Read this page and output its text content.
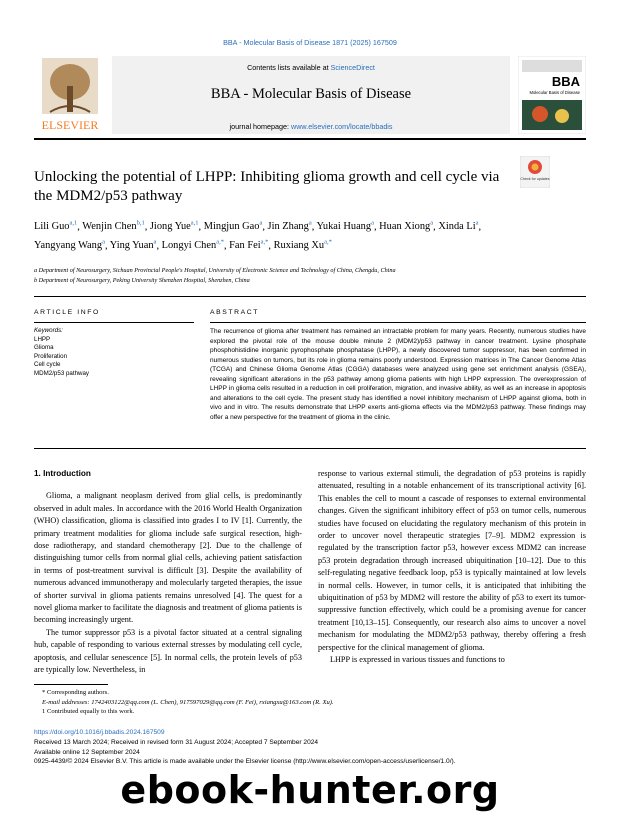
BBA - Molecular Basis of Disease 1871 (2025) 167509
ELSEVIER
Contents lists available at ScienceDirect
BBA - Molecular Basis of Disease
journal homepage: www.elsevier.com/locate/bbadis
BBA
Molecular Basis of Disease
Unlocking the potential of LHPP: Inhibiting glioma growth and cell cycle via the MDM2/p53 pathway
Check for updates
Lili Guo$^{a,1}$, Wenjin Chen$^{b,1}$, Jiong Yue$^{a,1}$, Mingjun Gao$^a$, Jin Zhang$^a$, Yukai Huang$^a$, Huan Xiong$^a$, Xinda Li$^a$, Yangyang Wang$^a$, Ying Yuan$^a$, Longyi Chen$^{a,*}$, Fan Fei$^{a,*}$, Ruxiang $Xu^{a,*}$
a Department of Neurosurgery, Sichuan Provincial People's Hospital, University of Electronic Science and Technology of China, Chengdu, China
b Department of Neurosurgery, Peking University Shenzhen Hospital, Shenzhen, China
ARTICLE INFO	ABSTRACT
Keywords:
LHPP
Glioma
Proliferation
Cell cycle
MDM2/p53 pathway
The recurrence of glioma after treatment has remained an intractable problem for many years. Recently, numerous studies have explored the pivotal role of the mouse double minute 2 (MDM2)/p53 pathway in cancer treatment. Lysine phosphate phosphohistidine inorganic pyrophosphate phosphatase (LHPP), a newly discovered tumor suppressor, has been confirmed in numerous studies on tumors, but its role in glioma remains poorly understood. Expression matrices in The Cancer Genome Atlas (TCGA) and Chinese Glioma Genome Atlas (CGGA) databases were analyzed using gene set enrichment analysis (GSEA), revealing significant alterations in the p53 pathway among glioma patients with high LHPP expression. The overexpression of LHPP in glioma cells resulted in a reduction in cell proliferation, migration, and invasive ability, as well as an increase in apoptosis and alterations to the cell cycle. The present study has identified a novel inhibitory mechanism of LHPP against glioma, both in vivo and in vitro. The results demonstrate that LHPP exerts anti-glioma effects via the MDM2/p53 pathway. These findings may offer a new perspective for the treatment of glioma in the clinic.
1. Introduction

Glioma, a malignant neoplasm derived from glial cells, is predominantly observed in adult males. In accordance with the 2016 World Health Organization (WHO) classification, glioma is classified into grades I to IV [1]. Currently, the primary treatment modalities for glioma include safe surgical resection, high-dose radiotherapy, and standard chemotherapy [2]. Due to the challenge of distinguishing tumor cells from normal glial cells, achieving patient satisfaction in terms of post-treatment survival is difficult [3]. Despite the availability of numerous advanced immunotherapy and molecularly targeted therapies, the issue of shorter survival in glioma patients remains unresolved [4]. The quest for a novel glioma marker to facilitate the diagnosis and treatment of glioma patients is becoming increasingly urgent.

The tumor suppressor p53 is a pivotal factor situated at a central signaling hub, capable of responding to various external stresses by modulating cell cycle, apoptosis, and cellular senescence [5]. In normal cells, the protein levels of p53 are typically low. Nevertheless, in

response to various external stimuli, the degradation of p53 proteins is rapidly attenuated, resulting in a notable enhancement of its transcriptional activity [6]. This enables the cell to mount a cascade of responses to external environmental changes. Given the significant inhibitory effect of p53 on tumor cells, numerous studies have focused on elucidating the regulatory mechanism of this protein in order to uncover novel therapeutic strategies [7–9]. MDM2 expression is regulated by the transcription factor p53, however excess MDM2 can increase p53 protein degradation through increased ubiquitination [10–12]. Due to this self-regulating negative feedback loop, p53 is typically maintained at low levels in normal cells. However, in tumor cells, it is anticipated that inhibiting the ubiquitination of p53 by MDM2 will restore the ability of p53 to exert its tumor-suppressive function effectively, which could be a promising avenue for cancer treatment [10,13–15]. Consequently, our research also aims to uncover a novel mechanism for modulating the MDM2/p53 pathway, thereby offering a fresh perspective for the clinical management of glioma.

LHPP is expressed in various tissues and functions to

* Corresponding authors.
E-mail addresses: 1742403122@qq.com (L. Chen), 917597029@qq.com (F. Fei), rxiangxu@163.com (R. Xu).
1 Contributed equally to this work.
https://doi.org/10.1016/j.bbadis.2024.167509
Received 13 March 2024; Received in revised form 31 August 2024; Accepted 7 September 2024
Available online 12 September 2024
0925-4439/© 2024 Elsevier B.V. This article is made available under the Elsevier license (http://www.elsevier.com/open-access/userlicense/1.0/).
ebook-hunter.org
